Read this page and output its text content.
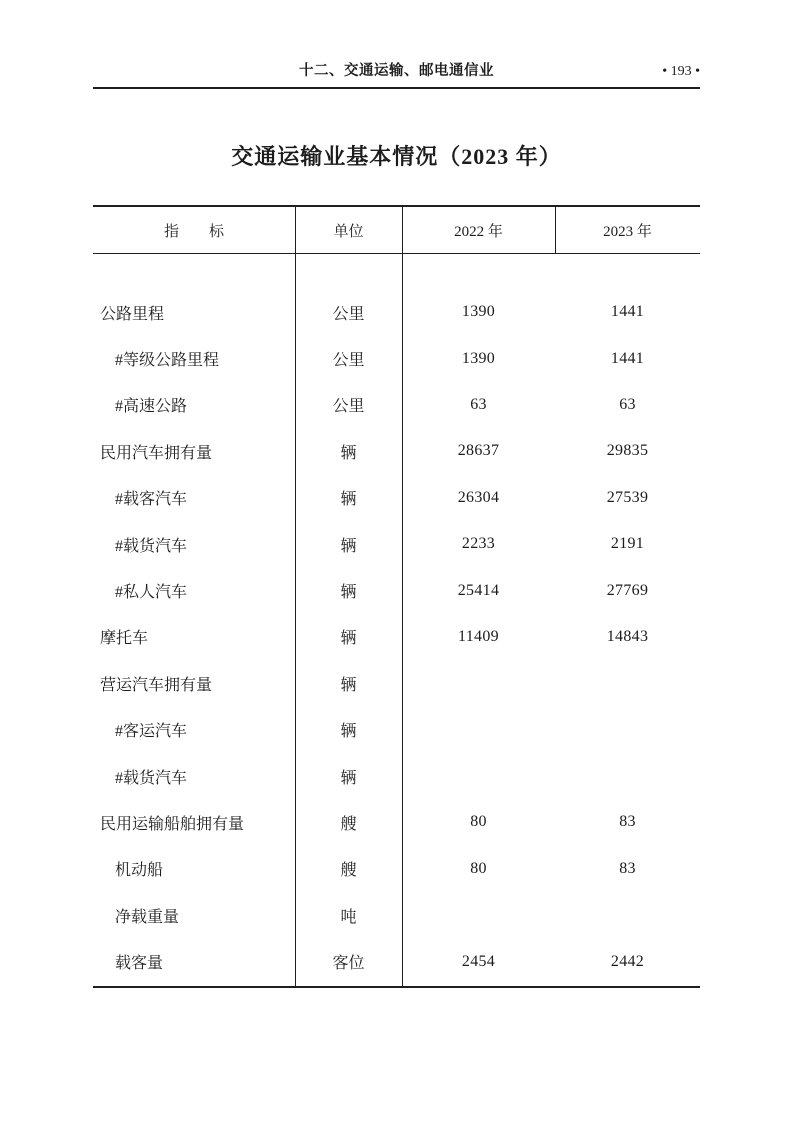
十二、交通运输、邮电通信业	• 193 •
交通运输业基本情况（2023 年）
指　　标	单位	2022 年	2023 年
公路里程	公里	1390	1441
#等级公路里程	公里	1390	1441
#高速公路	公里	63	63
民用汽车拥有量	辆	28637	29835
#载客汽车	辆	26304	27539
#载货汽车	辆	2233	2191
#私人汽车	辆	25414	27769
摩托车	辆	11409	14843
营运汽车拥有量	辆
#客运汽车	辆
#载货汽车	辆
民用运输船舶拥有量	艘	80	83
机动船	艘	80	83
净载重量	吨
载客量	客位	2454	2442
